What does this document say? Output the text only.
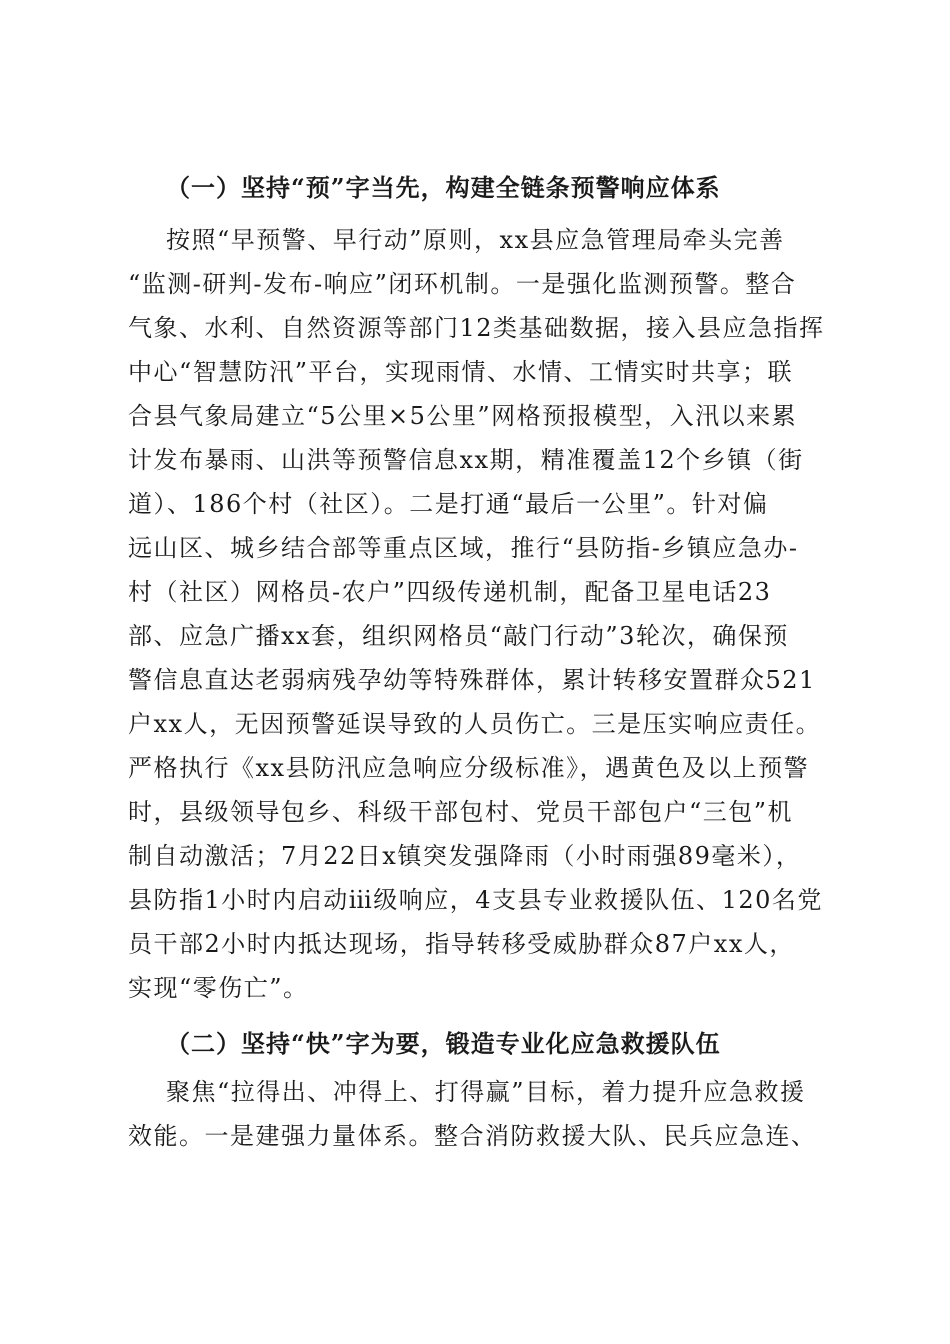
（一）坚持“预”字当先，构建全链条预警响应体系
按照“早预警、早行动”原则，xx县应急管理局牵头完善
“监测-研判-发布-响应”闭环机制。一是强化监测预警。整合
气象、水利、自然资源等部门12类基础数据，接入县应急指挥
中心“智慧防汛”平台，实现雨情、水情、工情实时共享；联
合县气象局建立“5公里×5公里”网格预报模型，入汛以来累
计发布暴雨、山洪等预警信息xx期，精准覆盖12个乡镇（街
道）、186个村（社区）。二是打通“最后一公里”。针对偏
远山区、城乡结合部等重点区域，推行“县防指-乡镇应急办-
村（社区）网格员-农户”四级传递机制，配备卫星电话23
部、应急广播xx套，组织网格员“敲门行动”3轮次，确保预
警信息直达老弱病残孕幼等特殊群体，累计转移安置群众521
户xx人，无因预警延误导致的人员伤亡。三是压实响应责任。
严格执行《xx县防汛应急响应分级标准》，遇黄色及以上预警
时，县级领导包乡、科级干部包村、党员干部包户“三包”机
制自动激活；7月22日x镇突发强降雨（小时雨强89毫米），
县防指1小时内启动ⅲ级响应，4支县专业救援队伍、120名党
员干部2小时内抵达现场，指导转移受威胁群众87户xx人，
实现“零伤亡”。
（二）坚持“快”字为要，锻造专业化应急救援队伍
聚焦“拉得出、冲得上、打得赢”目标，着力提升应急救援
效能。一是建强力量体系。整合消防救援大队、民兵应急连、
